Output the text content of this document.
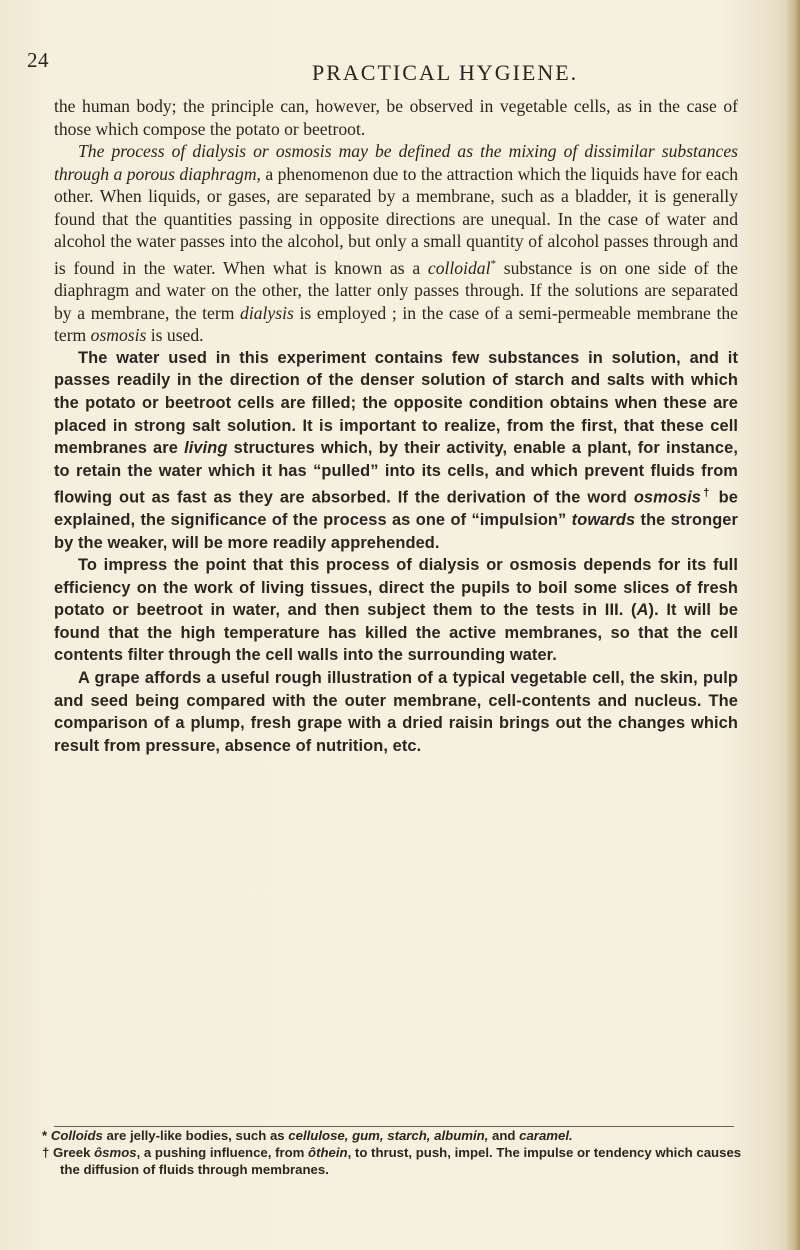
24	PRACTICAL HYGIENE.

the human body; the principle can, however, be observed in vegetable cells, as in the case of those which compose the potato or beetroot.

The process of dialysis or osmosis may be defined as the mixing of dissimilar substances through a porous diaphragm, a phenomenon due to the attraction which the liquids have for each other. When liquids, or gases, are separated by a membrane, such as a bladder, it is generally found that the quantities passing in opposite directions are unequal. In the case of water and alcohol the water passes into the alcohol, but only a small quantity of alcohol passes through and is found in the water. When what is known as a colloidal* substance is on one side of the diaphragm and water on the other, the latter only passes through. If the solutions are separated by a membrane, the term dialysis is employed ; in the case of a semi-permeable membrane the term osmosis is used.

The water used in this experiment contains few substances in solution, and it passes readily in the direction of the denser solution of starch and salts with which the potato or beetroot cells are filled; the opposite condition obtains when these are placed in strong salt solution. It is important to realize, from the first, that these cell membranes are living structures which, by their activity, enable a plant, for instance, to retain the water which it has “pulled” into its cells, and which prevent fluids from flowing out as fast as they are absorbed. If the derivation of the word osmosis† be explained, the significance of the process as one of “impulsion” towards the stronger by the weaker, will be more readily apprehended.

To impress the point that this process of dialysis or osmosis depends for its full efficiency on the work of living tissues, direct the pupils to boil some slices of fresh potato or beetroot in water, and then subject them to the tests in III. (A). It will be found that the high temperature has killed the active membranes, so that the cell contents filter through the cell walls into the surrounding water.

A grape affords a useful rough illustration of a typical vegetable cell, the skin, pulp and seed being compared with the outer membrane, cell-contents and nucleus. The comparison of a plump, fresh grape with a dried raisin brings out the changes which result from pressure, absence of nutrition, etc.

* Colloids are jelly-like bodies, such as cellulose, gum, starch, albumin, and caramel.

† Greek ôsmos, a pushing influence, from ôthein, to thrust, push, impel. The impulse or tendency which causes the diffusion of fluids through membranes.
